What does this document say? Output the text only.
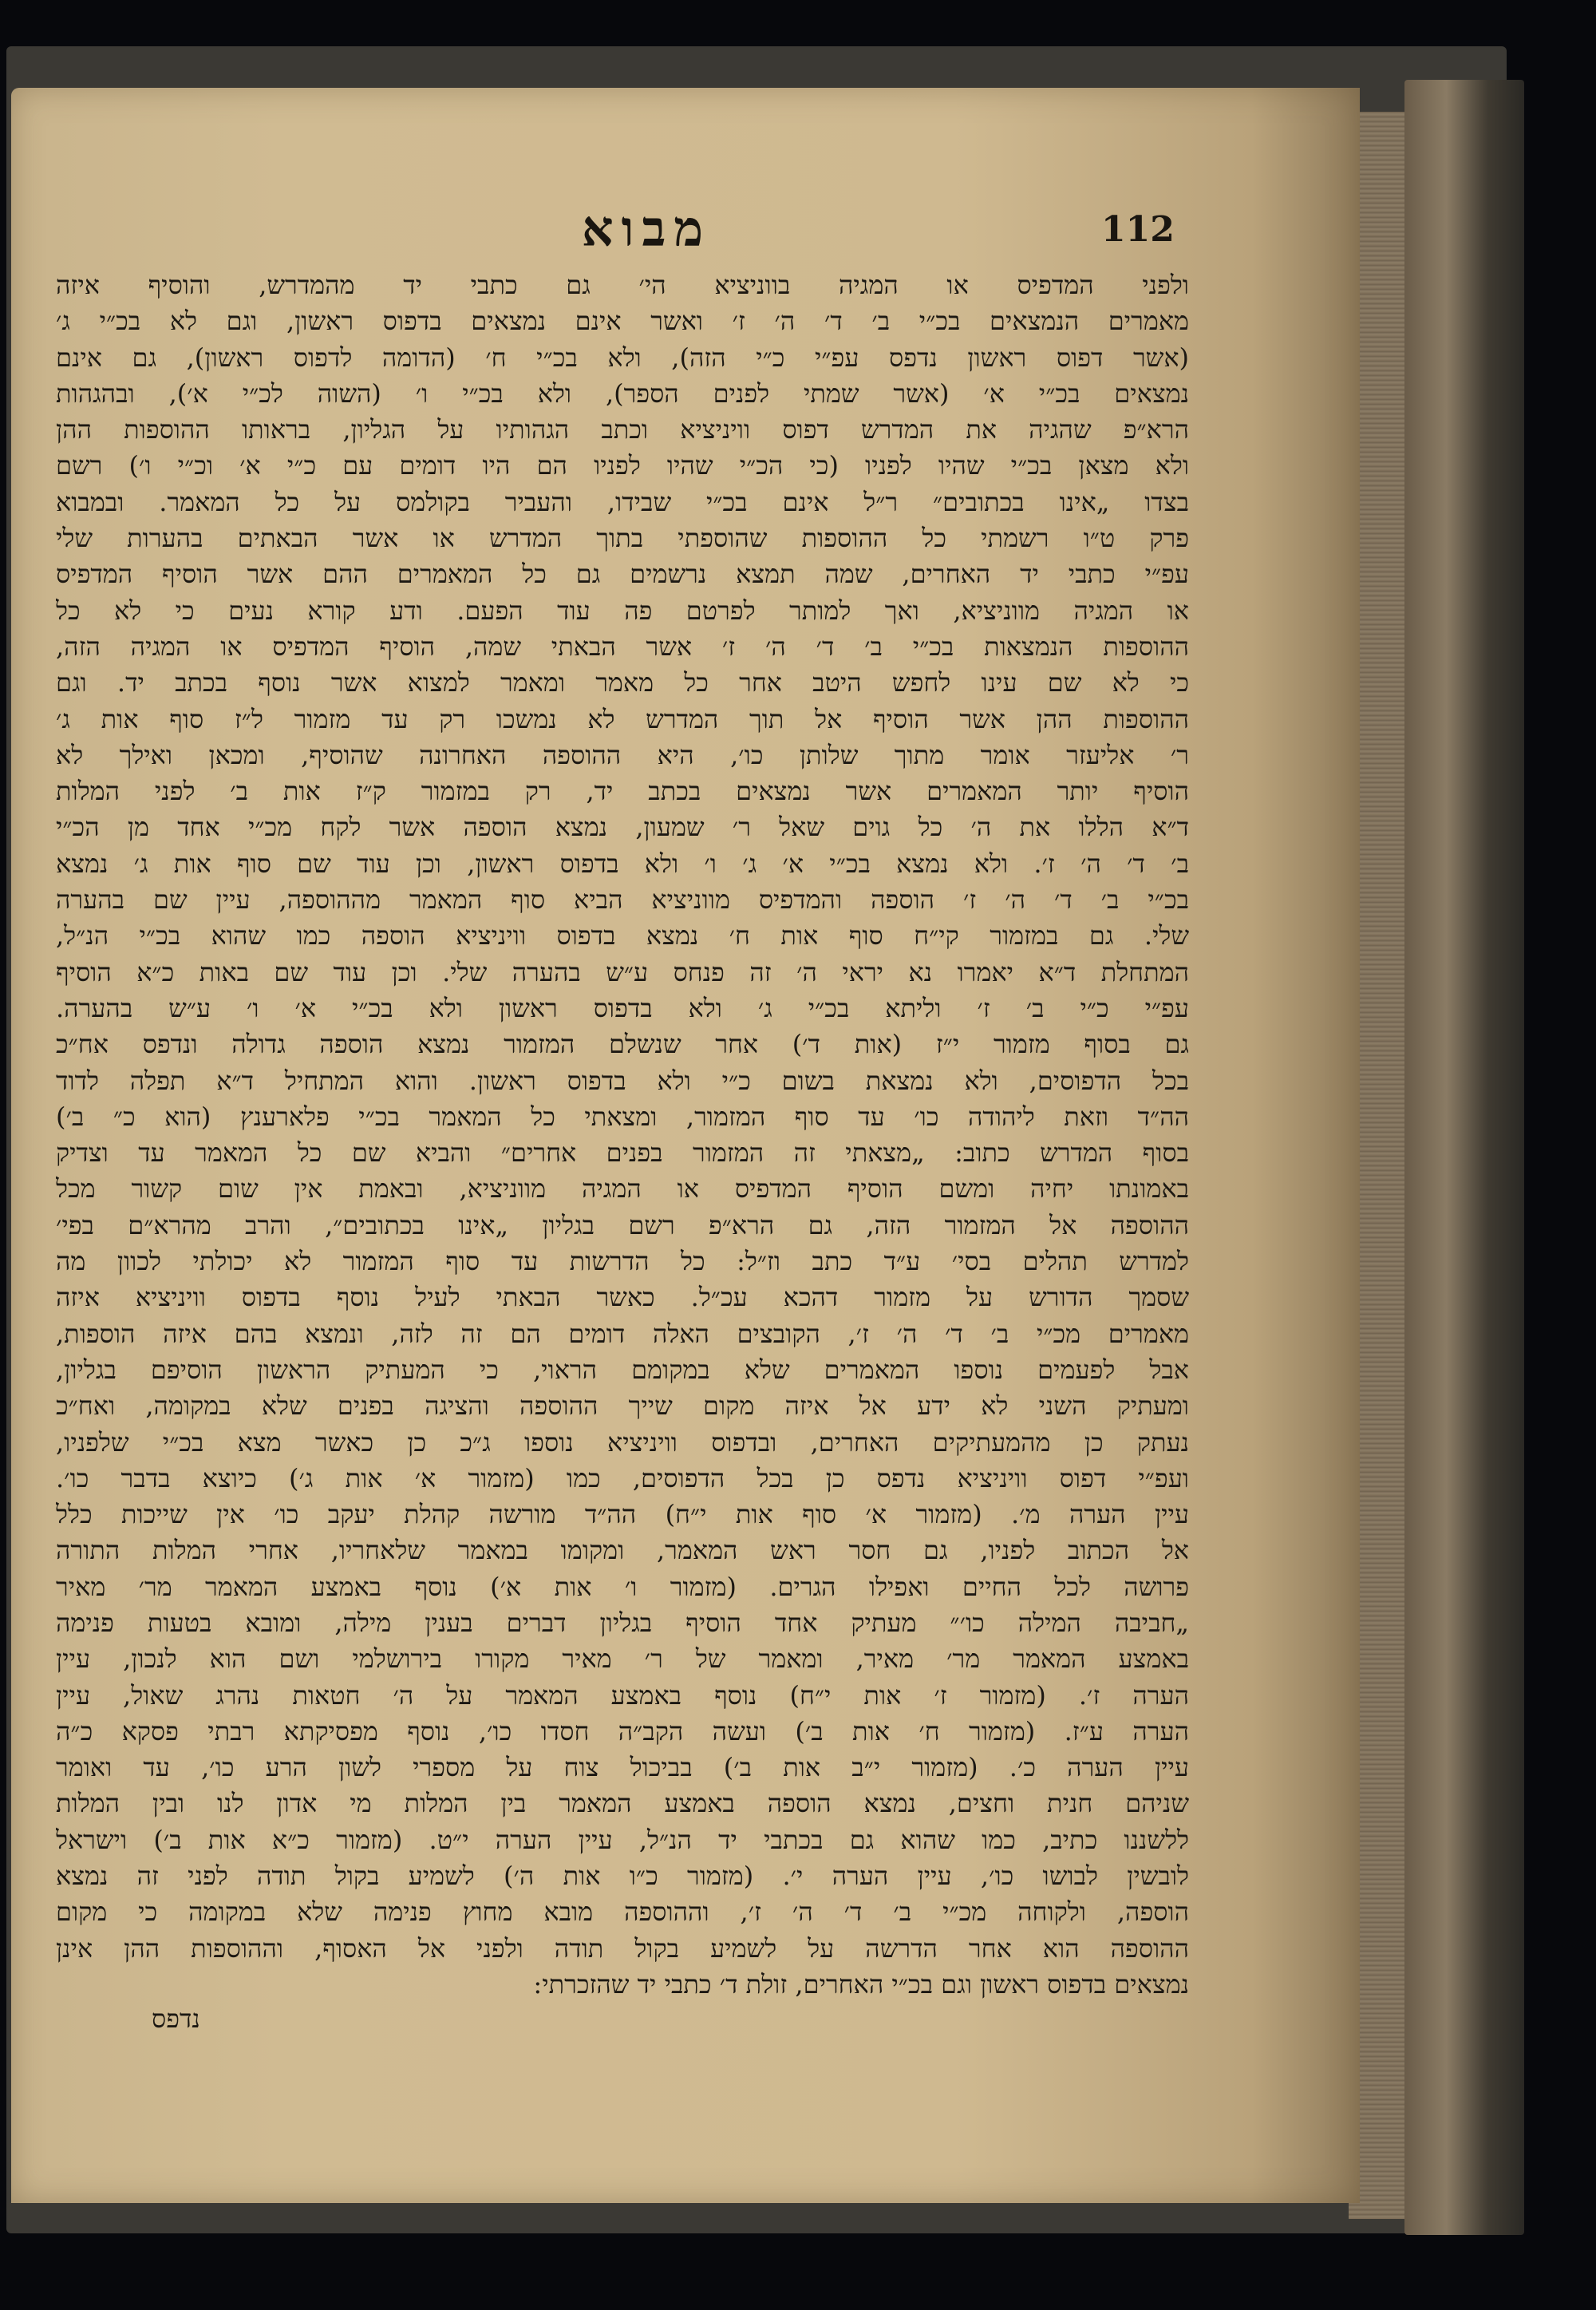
מבוא	112
ולפני המדפיס או המגיה בווניציא הי׳ גם כתבי יד מהמדרש, והוסיף איזה
מאמרים הנמצאים בכ״י ב׳ ד׳ ה׳ ז׳ ואשר אינם נמצאים בדפוס ראשון, וגם לא בכ״י ג׳
(אשר דפוס ראשון נדפס עפ״י כ״י הזה), ולא בכ״י ח׳ (הדומה לדפוס ראשון), גם אינם
נמצאים בכ״י א׳ (אשר שמתי לפנים הספר), ולא בכ״י ו׳ (השוה לכ״י א׳), ובהגהות
הרא״פ שהגיה את המדרש דפוס וויניציא וכתב הגהותיו על הגליון, בראותו ההוספות ההן
ולא מצאן בכ״י שהיו לפניו (כי הכ״י שהיו לפניו הם היו דומים עם כ״י א׳ וכ״י ו׳) רשם
בצדו „אינו בכתובים״ ר״ל אינם בכ״י שבידו, והעביר בקולמס על כל המאמר. ובמבוא
פרק ט״ו רשמתי כל ההוספות שהוספתי בתוך המדרש או אשר הבאתים בהערות שלי
עפ״י כתבי יד האחרים, שמה תמצא נרשמים גם כל המאמרים ההם אשר הוסיף המדפיס
או המגיה מווניציא, ואך למותר לפרטם פה עוד הפעם. ודע קורא נעים כי לא כל
ההוספות הנמצאות בכ״י ב׳ ד׳ ה׳ ז׳ אשר הבאתי שמה, הוסיף המדפיס או המגיה הזה,
כי לא שם עינו לחפש היטב אחר כל מאמר ומאמר למצוא אשר נוסף בכתב יד. וגם
ההוספות ההן אשר הוסיף אל תוך המדרש לא נמשכו רק עד מזמור ל״ז סוף אות ג׳
ר׳ אליעזר אומר מתוך שלותן כו׳, היא ההוספה האחרונה שהוסיף, ומכאן ואילך לא
הוסיף יותר המאמרים אשר נמצאים בכתב יד, רק במזמור ק״ז אות ב׳ לפני המלות
ד״א הללו את ה׳ כל גוים שאל ר׳ שמעון, נמצא הוספה אשר לקח מכ״י אחד מן הכ״י
ב׳ ד׳ ה׳ ז׳. ולא נמצא בכ״י א׳ ג׳ ו׳ ולא בדפוס ראשון, וכן עוד שם סוף אות ג׳ נמצא
בכ״י ב׳ ד׳ ה׳ ז׳ הוספה והמדפיס מווניציא הביא סוף המאמר מההוספה, עיין שם בהערה
שלי. גם במזמור קי״ח סוף אות ח׳ נמצא בדפוס וויניציא הוספה כמו שהוא בכ״י הנ״ל,
המתחלת ד״א יאמרו נא יראי ה׳ זה פנחס ע״ש בהערה שלי. וכן עוד שם באות כ״א הוסיף
עפ״י כ״י ב׳ ז׳ וליתא בכ״י ג׳ ולא בדפוס ראשון ולא בכ״י א׳ ו׳ ע״ש בהערה.
גם בסוף מזמור י״ז (אות ד׳) אחר שנשלם המזמור נמצא הוספה גדולה ונדפס אח״כ
בכל הדפוסים, ולא נמצאת בשום כ״י ולא בדפוס ראשון. והוא המתחיל ד״א תפלה לדוד
הה״ד וזאת ליהודה כו׳ עד סוף המזמור, ומצאתי כל המאמר בכ״י פלארענץ (הוא כ״ ב׳)
בסוף המדרש כתוב: „מצאתי זה המזמור בפנים אחרים״ והביא שם כל המאמר עד וצדיק
באמונתו יחיה ומשם הוסיף המדפיס או המגיה מווניציא, ובאמת אין שום קשור מכל
ההוספה אל המזמור הזה, גם הרא״פ רשם בגליון „אינו בכתובים״, והרב מהרא״ם בפי׳
למדרש תהלים בסי׳ ע״ד כתב וז״ל: כל הדרשות עד סוף המזמור לא יכולתי לכוון מה
שסמך הדורש על מזמור דהכא עכ״ל. כאשר הבאתי לעיל נוסף בדפוס וויניציא איזה
מאמרים מכ״י ב׳ ד׳ ה׳ ז׳, הקובצים האלה דומים הם זה לזה, ונמצא בהם איזה הוספות,
אבל לפעמים נוספו המאמרים שלא במקומם הראוי, כי המעתיק הראשון הוסיפם בגליון,
ומעתיק השני לא ידע אל איזה מקום שייך ההוספה והציגה בפנים שלא במקומה, ואח״כ
נעתק כן מהמעתיקים האחרים, ובדפוס וויניציא נוספו ג״כ כן כאשר מצא בכ״י שלפניו,
ועפ״י דפוס וויניציא נדפס כן בכל הדפוסים, כמו (מזמור א׳ אות ג׳) כיוצא בדבר כו׳.
עיין הערה מ׳. (מזמור א׳ סוף אות י״ח) הה״ד מורשה קהלת יעקב כו׳ אין שייכות כלל
אל הכתוב לפניו, גם חסר ראש המאמר, ומקומו במאמר שלאחריו, אחרי המלות התורה
פרושה לכל החיים ואפילו הגרים. (מזמור ו׳ אות א׳) נוסף באמצע המאמר מר׳ מאיר
„חביבה המילה כו׳״ מעתיק אחד הוסיף בגליון דברים בענין מילה, ומובא בטעות פנימה
באמצע המאמר מר׳ מאיר, ומאמר של ר׳ מאיר מקורו בירושלמי ושם הוא לנכון, עיין
הערה ז׳. (מזמור ז׳ אות י״ח) נוסף באמצע המאמר על ה׳ חטאות נהרג שאול, עיין
הערה ע״ז. (מזמור ח׳ אות ב׳) ועשה הקב״ה חסדו כו׳, נוסף מפסיקתא רבתי פסקא כ״ה
עיין הערה כ׳. (מזמור י״ב אות ב׳) בביכול צוח על מספרי לשון הרע כו׳, עד ואומר
שניהם חנית וחצים, נמצא הוספה באמצע המאמר בין המלות מי אדון לנו ובין המלות
ללשננו כתיב, כמו שהוא גם בכתבי יד הנ״ל, עיין הערה י״ט. (מזמור כ״א אות ב׳) וישראל
לובשין לבושו כו׳, עיין הערה י׳. (מזמור כ״ו אות ה׳) לשמיע בקול תודה לפני זה נמצא
הוספה, ולקוחה מכ״י ב׳ ד׳ ה׳ ז׳, וההוספה מובא מחוץ פנימה שלא במקומה כי מקום
ההוספה הוא אחר הדרשה על לשמיע בקול תודה ולפני אל האסוף, וההוספות ההן אינן
נמצאים בדפוס ראשון וגם בכ״י האחרים, זולת ד׳ כתבי יד שהזכרתי:
נדפס
